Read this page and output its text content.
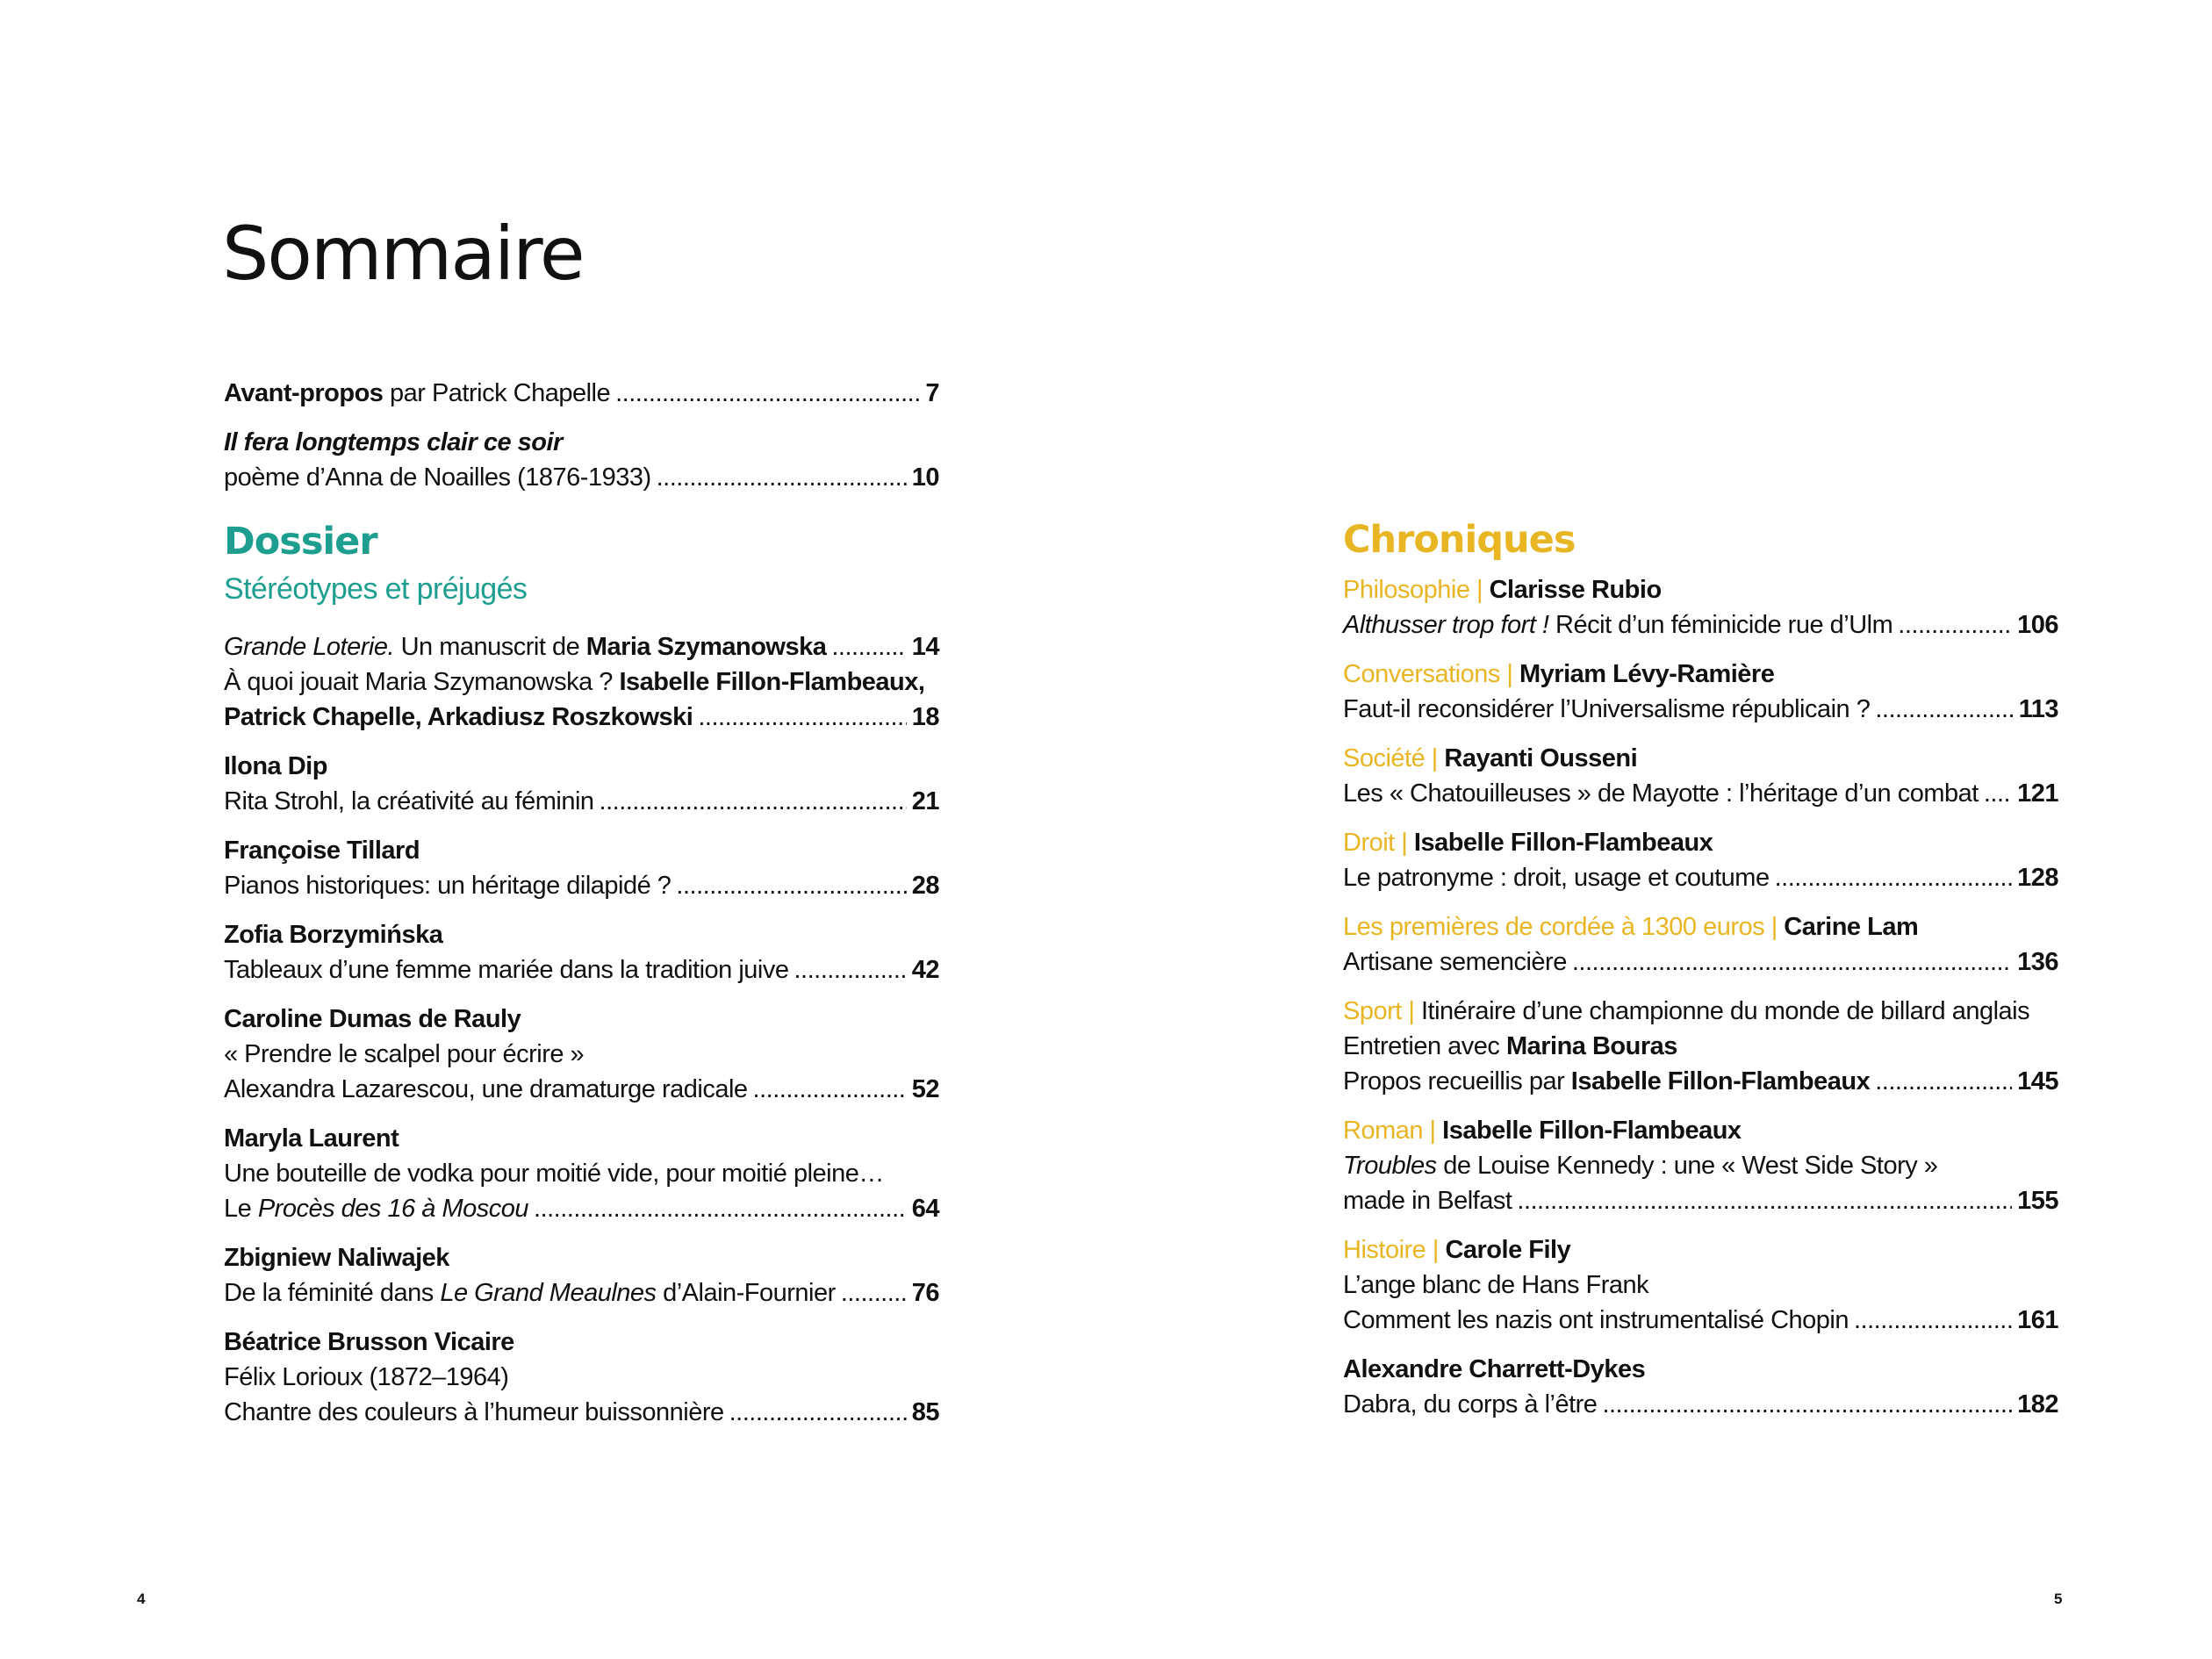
Sommaire
Avant-propos par Patrick Chapelle .....	7
Il fera longtemps clair ce soir
poème d’Anna de Noailles (1876-1933) .....	10
Dossier
Stéréotypes et préjugés
Grande Loterie. Un manuscrit de Maria Szymanowska .....	14
À quoi jouait Maria Szymanowska ? Isabelle Fillon-Flambeaux,
Patrick Chapelle, Arkadiusz Roszkowski .....	18
Ilona Dip
Rita Strohl, la créativité au féminin .....	21
Françoise Tillard
Pianos historiques: un héritage dilapidé ? .....	28
Zofia Borzymińska
Tableaux d’une femme mariée dans la tradition juive .....	42
Caroline Dumas de Rauly
« Prendre le scalpel pour écrire »
Alexandra Lazarescou, une dramaturge radicale .....	52
Maryla Laurent
Une bouteille de vodka pour moitié vide, pour moitié pleine…
Le Procès des 16 à Moscou .....	64
Zbigniew Naliwajek
De la féminité dans Le Grand Meaulnes d’Alain-Fournier .....	76
Béatrice Brusson Vicaire
Félix Lorioux (1872–1964)
Chantre des couleurs à l’humeur buissonnière .....	85
Chroniques
Philosophie | Clarisse Rubio
Althusser trop fort ! Récit d’un féminicide rue d’Ulm .....	106
Conversations | Myriam Lévy-Ramière
Faut-il reconsidérer l’Universalisme républicain ? .....	113
Société | Rayanti Ousseni
Les « Chatouilleuses » de Mayotte : l’héritage d’un combat ..... 121
Droit | Isabelle Fillon-Flambeaux
Le patronyme : droit, usage et coutume .....	128
Les premières de cordée à 1300 euros | Carine Lam
Artisane semencière .....	136
Sport | Itinéraire d’une championne du monde de billard anglais
Entretien avec Marina Bouras
Propos recueillis par Isabelle Fillon-Flambeaux .....	145
Roman | Isabelle Fillon-Flambeaux
Troubles de Louise Kennedy : une « West Side Story »
made in Belfast .....	155
Histoire | Carole Fily
L’ange blanc de Hans Frank
Comment les nazis ont instrumentalisé Chopin .....	161
Alexandre Charrett-Dykes
Dabra, du corps à l’être .....	182
4	5
